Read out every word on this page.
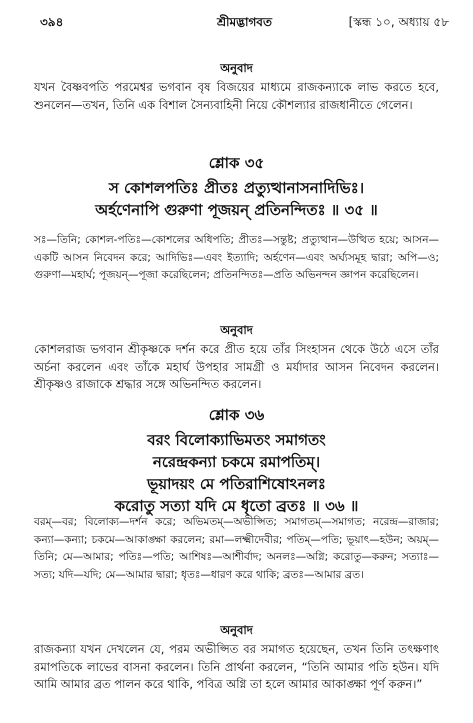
৩৯৪	শ্রীমদ্ভাগবত	[স্কন্ধ ১০, অধ্যায় ৫৮
অনুবাদ
যখন বৈষ্ণবপতি পরমেশ্বর ভগবান বৃষ বিজয়ের মাধ্যমে রাজকন্যাকে লাভ করতে হবে, শুনলেন—তখন, তিনি এক বিশাল সৈন্যবাহিনী নিয়ে কৌশল্যার রাজধানীতে গেলেন।
শ্লোক ৩৫
স কোশলপতিঃ প্রীতঃ প্রত্যুত্থানাসনাদিভিঃ।
অর্হণেনাপি গুরুণা পূজয়ন্ প্রতিনন্দিতঃ ॥ ৩৫ ॥
সঃ—তিনি; কোশল-পতিঃ—কোশলের অধিপতি; প্রীতঃ—সন্তুষ্ট; প্রত্যুত্থান—উত্থিত হয়ে; আসন—একটি আসন নিবেদন করে; আদিভিঃ—এবং ইত্যাদি; অর্হণেন—এবং অর্ঘ্যসমূহ দ্বারা; অপি—ও; গুরুণা—মহার্ঘ; পূজয়ন্—পূজা করেছিলেন; প্রতিনন্দিতঃ—প্রতি অভিনন্দন জ্ঞাপন করেছিলেন।
অনুবাদ
কোশলরাজ ভগবান শ্রীকৃষ্ণকে দর্শন করে প্রীত হয়ে তাঁর সিংহাসন থেকে উঠে এসে তাঁর অর্চনা করলেন এবং তাঁকে মহার্ঘ উপহার সামগ্রী ও মর্যাদার আসন নিবেদন করলেন। শ্রীকৃষ্ণও রাজাকে শ্রদ্ধার সঙ্গে অভিনন্দিত করলেন।
শ্লোক ৩৬
বরং বিলোক্যাভিমতং সমাগতং
নরেন্দ্রকন্যা চকমে রমাপতিম্।
ভূয়াদয়ং মে পতিরাশিষোঽনলঃ
করোতু সত্যা যদি মে ধৃতো ব্রতঃ ॥ ৩৬ ॥
বরম্—বর; বিলোক্য—দর্শন করে; অভিমতম্—অভীপ্সিত; সমাগতম্—সমাগত; নরেন্দ্র—রাজার; কন্যা—কন্যা; চকমে—আকাঙ্ক্ষা করলেন; রমা—লক্ষ্মীদেবীর; পতিম্—পতি; ভূয়াৎ—হউন; অয়ম্—তিনি; মে—আমার; পতিঃ—পতি; আশিষঃ—আশীর্বাদ; অনলঃ—অগ্নি; করোতু—করুন; সত্যাঃ—সত্য; যদি—যদি; মে—আমার দ্বারা; ধৃতঃ—ধারণ করে থাকি; ব্রতঃ—আমার ব্রত।
অনুবাদ
রাজকন্যা যখন দেখলেন যে, পরম অভীপ্সিত বর সমাগত হয়েছেন, তখন তিনি তৎক্ষণাৎ রমাপতিকে লাভের বাসনা করলেন। তিনি প্রার্থনা করলেন, “তিনি আমার পতি হউন। যদি আমি আমার ব্রত পালন করে থাকি, পবিত্র অগ্নি তা হলে আমার আকাঙ্ক্ষা পূর্ণ করুন।”
